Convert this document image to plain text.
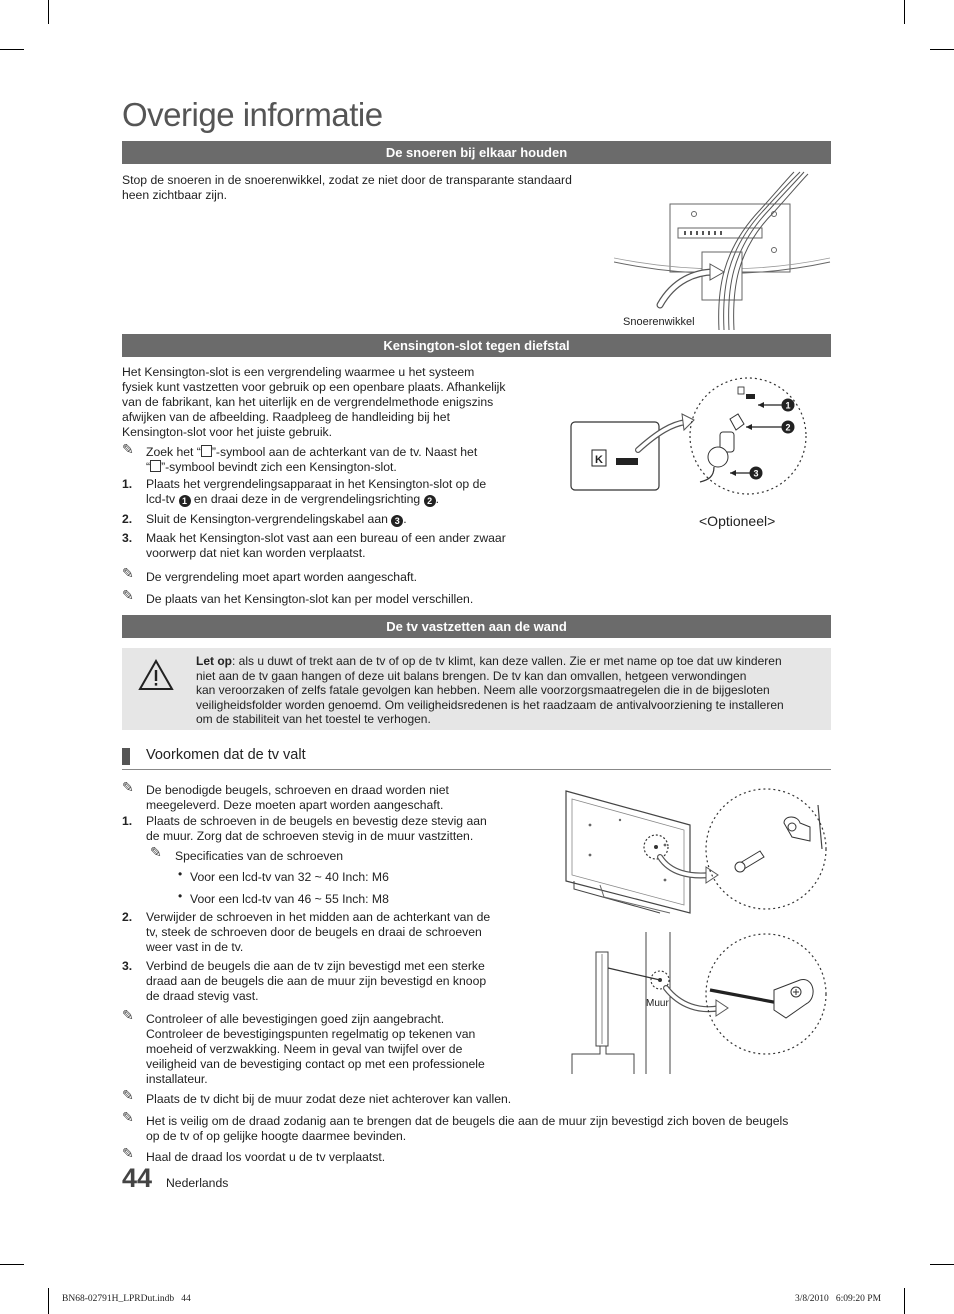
Overige informatie
De snoeren bij elkaar houden
Stop de snoeren in de snoerenwikkel, zodat ze niet door de transparante standaard heen zichtbaar zijn.
Snoerenwikkel
Kensington-slot tegen diefstal
Het Kensington-slot is een vergrendeling waarmee u het systeem
fysiek kunt vastzetten voor gebruik op een openbare plaats. Afhankelijk
van de fabrikant, kan het uiterlijk en de vergrendelmethode enigszins
afwijken van de afbeelding. Raadpleeg de handleiding bij het
Kensington-slot voor het juiste gebruik.
✎ Zoek het “ ”-symbool aan de achterkant van de tv. Naast het
“ ”-symbool bevindt zich een Kensington-slot.
1. Plaats het vergrendelingsapparaat in het Kensington-slot op de
lcd-tv 1 en draai deze in de vergrendelingsrichting 2 .
2. Sluit de Kensington-vergrendelingskabel aan 3 .
3. Maak het Kensington-slot vast aan een bureau of een ander zwaar
voorwerp dat niet kan worden verplaatst.
✎ De vergrendeling moet apart worden aangeschaft.
✎ De plaats van het Kensington-slot kan per model verschillen.
K
1
2
3
<Optioneel>
De tv vastzetten aan de wand
Let op: als u duwt of trekt aan de tv of op de tv klimt, kan deze vallen. Zie er met name op toe dat uw kinderen
niet aan de tv gaan hangen of deze uit balans brengen. De tv kan dan omvallen, hetgeen verwondingen
kan veroorzaken of zelfs fatale gevolgen kan hebben. Neem alle voorzorgsmaatregelen die in de bijgesloten
veiligheidsfolder worden genoemd. Om veiligheidsredenen is het raadzaam de antivalvoorziening te installeren
om de stabiliteit van het toestel te verhogen.
Voorkomen dat de tv valt
✎ De benodigde beugels, schroeven en draad worden niet
meegeleverd. Deze moeten apart worden aangeschaft.
1. Plaats de schroeven in de beugels en bevestig deze stevig aan
de muur. Zorg dat de schroeven stevig in de muur vastzitten.
✎ Specificaties van de schroeven
• Voor een lcd-tv van 32 ~ 40 Inch: M6
• Voor een lcd-tv van 46 ~ 55 Inch: M8
2. Verwijder de schroeven in het midden aan de achterkant van de
tv, steek de schroeven door de beugels en draai de schroeven
weer vast in de tv.
3. Verbind de beugels die aan de tv zijn bevestigd met een sterke
draad aan de beugels die aan de muur zijn bevestigd en knoop
de draad stevig vast.
✎ Controleer of alle bevestigingen goed zijn aangebracht.
Controleer de bevestigingspunten regelmatig op tekenen van
moeheid of verzwakking. Neem in geval van twijfel over de
veiligheid van de bevestiging contact op met een professionele
installateur.
✎ Plaats de tv dicht bij de muur zodat deze niet achterover kan vallen.
✎ Het is veilig om de draad zodanig aan te brengen dat de beugels die aan de muur zijn bevestigd zich boven de beugels
op de tv of op gelijke hoogte daarmee bevinden.
✎ Haal de draad los voordat u de tv verplaatst.
Muur
44 Nederlands
BN68-02791H_LPRDut.indb   44	3/8/2010   6:09:20 PM
